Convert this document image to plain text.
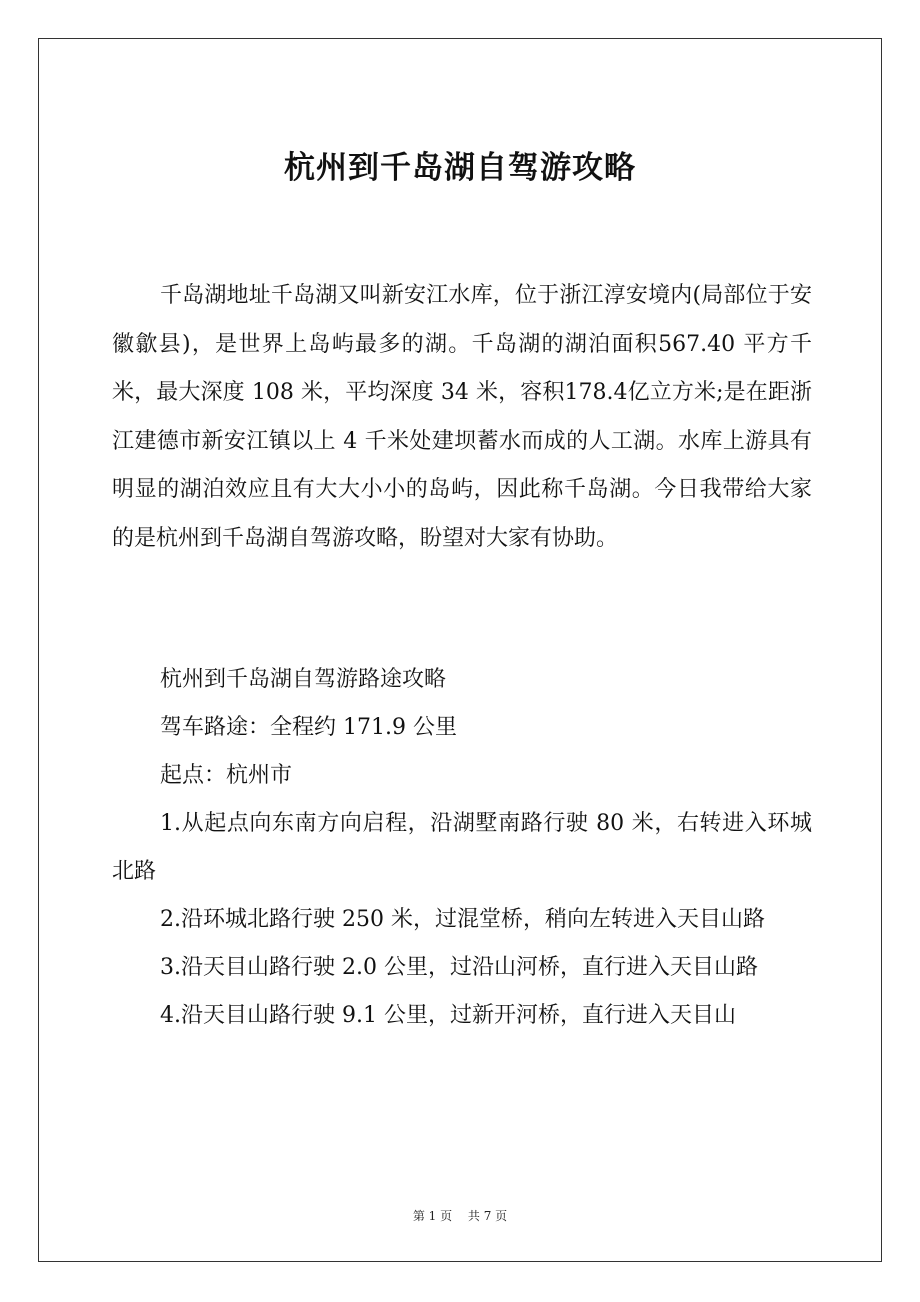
杭州到千岛湖自驾游攻略

千岛湖地址千岛湖又叫新安江水库，位于浙江淳安境内(局部位于安徽歙县)，是世界上岛屿最多的湖。千岛湖的湖泊面积567.40 平方千米，最大深度 108 米，平均深度 34 米，容积178.4亿立方米;是在距浙江建德市新安江镇以上 4 千米处建坝蓄水而成的人工湖。水库上游具有明显的湖泊效应且有大大小小的岛屿，因此称千岛湖。今日我带给大家的是杭州到千岛湖自驾游攻略，盼望对大家有协助。

杭州到千岛湖自驾游路途攻略

驾车路途：全程约 171.9 公里

起点：杭州市

1.从起点向东南方向启程，沿湖墅南路行驶 80 米，右转进入环城北路

2.沿环城北路行驶 250 米，过混堂桥，稍向左转进入天目山路

3.沿天目山路行驶 2.0 公里，过沿山河桥，直行进入天目山路

4.沿天目山路行驶 9.1 公里，过新开河桥，直行进入天目山

第 1 页 共 7 页
